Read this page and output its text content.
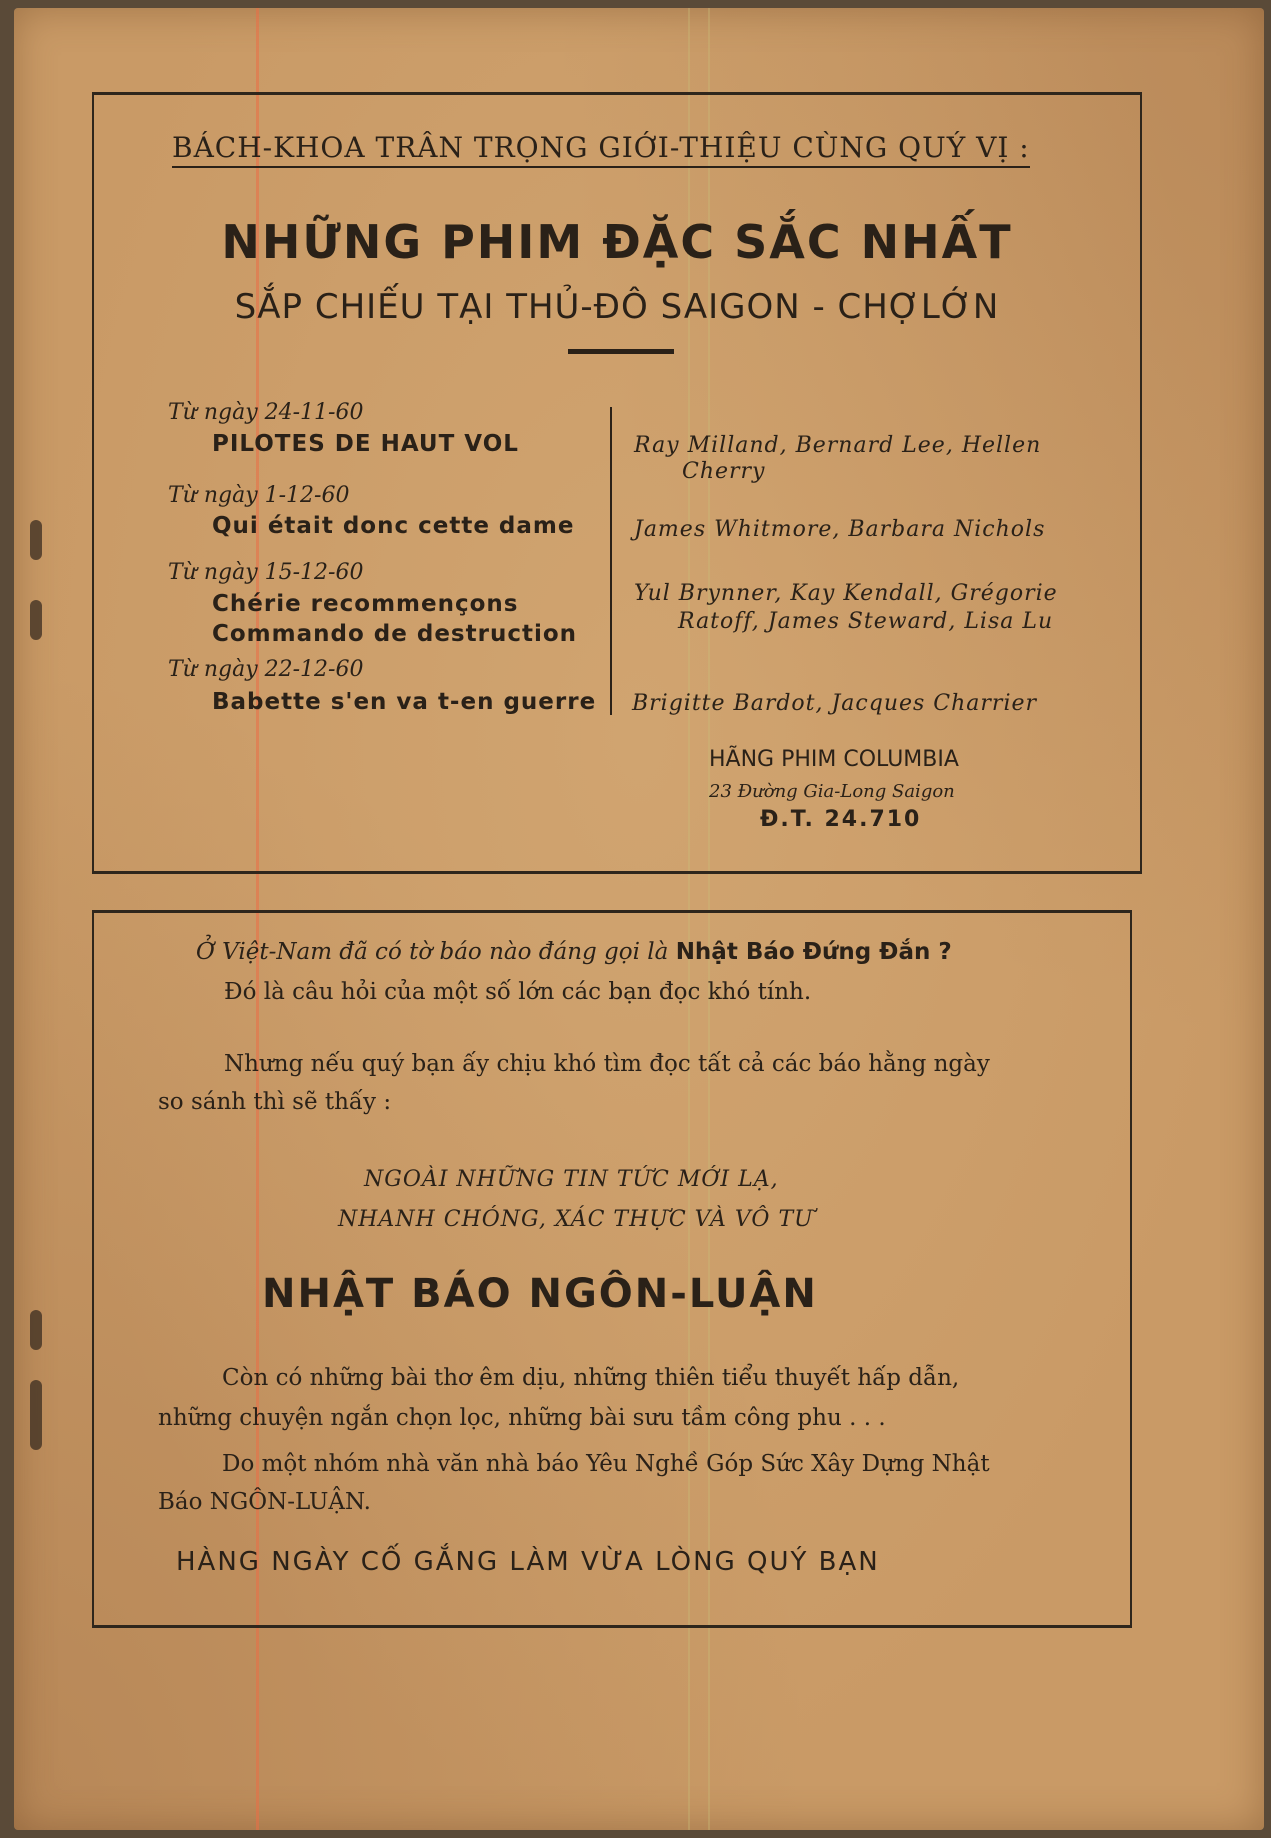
BÁCH-KHOA TRÂN TRỌNG GIỚI-THIỆU CÙNG QUÝ VỊ :
NHỮNG PHIM ĐẶC SẮC NHẤT
SẮP CHIẾU TẠI THỦ-ĐÔ SAIGON - CHỢLỚN
Từ ngày 24-11-60
PILOTES DE HAUT VOL	Ray Milland, Bernard Lee, Hellen
Cherry
Từ ngày 1-12-60
Qui était donc cette dame	James Whitmore, Barbara Nichols
Từ ngày 15-12-60
Chérie recommençons
Commando de destruction
Yul Brynner, Kay Kendall, Grégorie
Ratoff, James Steward, Lisa Lu
Từ ngày 22-12-60
Babette s'en va t-en guerre Brigitte Bardot, Jacques Charrier
HÃNG PHIM COLUMBIA
23 Đường Gia-Long Saigon
Đ.T. 24.710
Ở Việt-Nam đã có tờ báo nào đáng gọi là Nhật Báo Đứng Đắn ?
Đó là câu hỏi của một số lớn các bạn đọc khó tính.
Nhưng nếu quý bạn ấy chịu khó tìm đọc tất cả các báo hằng ngày
so sánh thì sẽ thấy :
NGOÀI NHỮNG TIN TỨC MỚI LẠ,
NHANH CHÓNG, XÁC THỰC VÀ VÔ TƯ
NHẬT BÁO NGÔN-LUẬN
Còn có những bài thơ êm dịu, những thiên tiểu thuyết hấp dẫn,
những chuyện ngắn chọn lọc, những bài sưu tầm công phu . . .
Do một nhóm nhà văn nhà báo Yêu Nghề Góp Sức Xây Dựng Nhật
Báo NGÔN-LUẬN.
HÀNG NGÀY CỐ GẮNG LÀM VỪA LÒNG QUÝ BẠN
